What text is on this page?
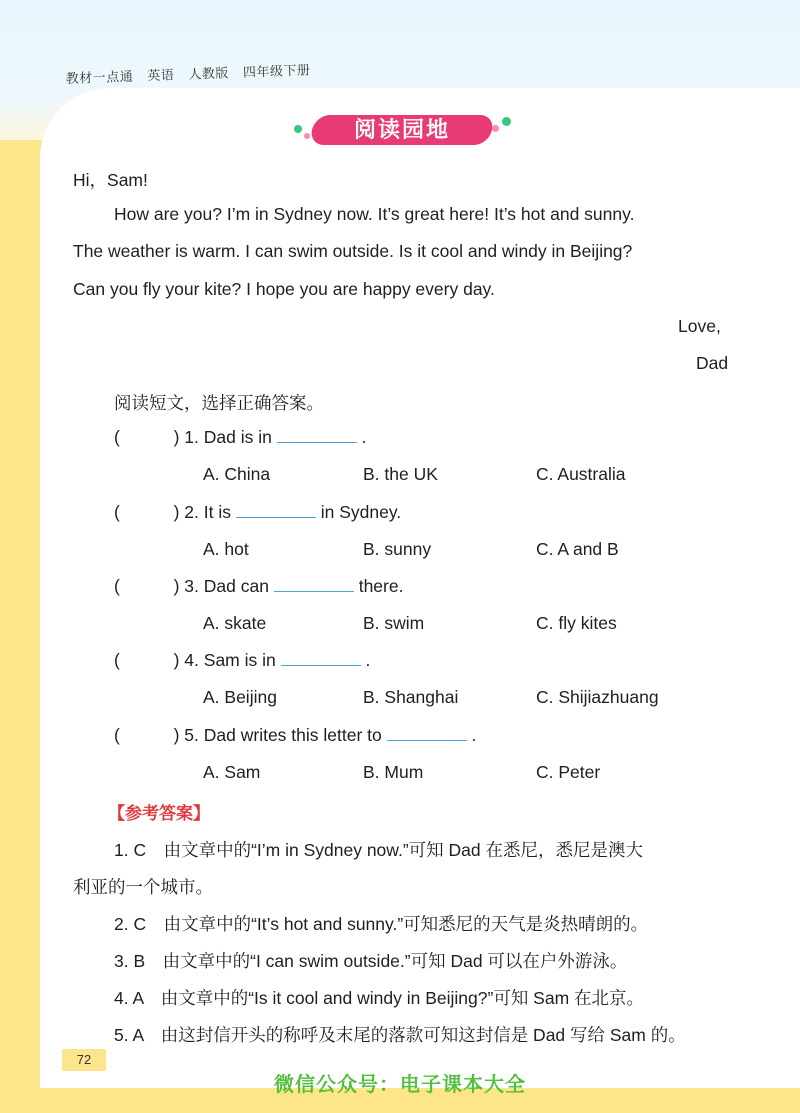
教材一点通 英语 人教版 四年级下册
阅读园地
Hi，Sam!
How are you? I’m in Sydney now. It’s great here! It’s hot and sunny.
The weather is warm. I can swim outside. Is it cool and windy in Beijing?
Can you fly your kite? I hope you are happy every day.
Love,
Dad
阅读短文，选择正确答案。
(	) 1. Dad is in	.
A. China	B. the UK	C. Australia
(	) 2. It is	in Sydney.
A. hot	B. sunny	C. A and B
(	) 3. Dad can	there.
A. skate	B. swim	C. fly kites
(	) 4. Sam is in	.
A. Beijing	B. Shanghai	C. Shijiazhuang
(	) 5. Dad writes this letter to	.
A. Sam	B. Mum	C. Peter
【参考答案】
1. C　由文章中的“I’m in Sydney now.”可知 Dad 在悉尼，悉尼是澳大
利亚的一个城市。
2. C　由文章中的“It’s hot and sunny.”可知悉尼的天气是炎热晴朗的。
3. B　由文章中的“I can swim outside.”可知 Dad 可以在户外游泳。
4. A　由文章中的“Is it cool and windy in Beijing?”可知 Sam 在北京。
5. A　由这封信开头的称呼及末尾的落款可知这封信是 Dad 写给 Sam 的。
72
微信公众号：电子课本大全
